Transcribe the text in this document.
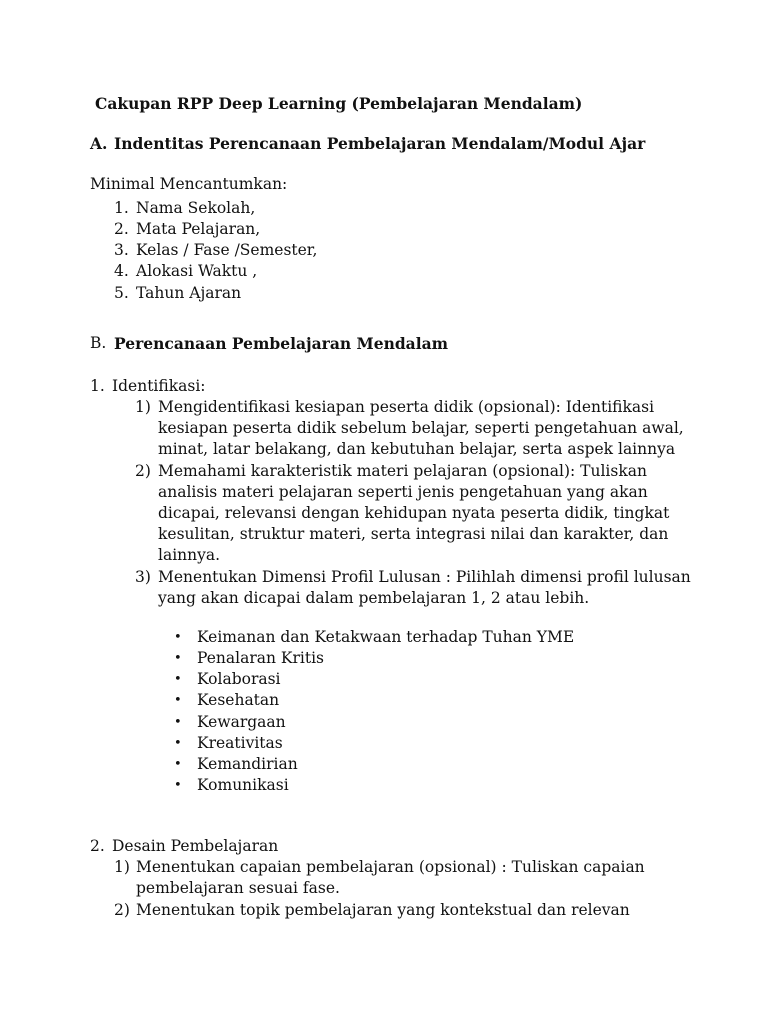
Cakupan RPP Deep Learning (Pembelajaran Mendalam)
A. Indentitas Perencanaan Pembelajaran Mendalam/Modul Ajar
Minimal Mencantumkan:
1. Nama Sekolah,
2. Mata Pelajaran,
3. Kelas / Fase /Semester,
4. Alokasi Waktu ,
5. Tahun Ajaran
B. Perencanaan Pembelajaran Mendalam
1. Identifikasi:
1) Mengidentifikasi kesiapan peserta didik (opsional): Identifikasi
kesiapan peserta didik sebelum belajar, seperti pengetahuan awal,
minat, latar belakang, dan kebutuhan belajar, serta aspek lainnya
2) Memahami karakteristik materi pelajaran (opsional): Tuliskan
analisis materi pelajaran seperti jenis pengetahuan yang akan
dicapai, relevansi dengan kehidupan nyata peserta didik, tingkat
kesulitan, struktur materi, serta integrasi nilai dan karakter, dan
lainnya.
3) Menentukan Dimensi Profil Lulusan : Pilihlah dimensi profil lulusan
yang akan dicapai dalam pembelajaran 1, 2 atau lebih.
• Keimanan dan Ketakwaan terhadap Tuhan YME
• Penalaran Kritis
• Kolaborasi
• Kesehatan
• Kewargaan
• Kreativitas
• Kemandirian
• Komunikasi
2. Desain Pembelajaran
1) Menentukan capaian pembelajaran (opsional) : Tuliskan capaian
pembelajaran sesuai fase.
2) Menentukan topik pembelajaran yang kontekstual dan relevan
